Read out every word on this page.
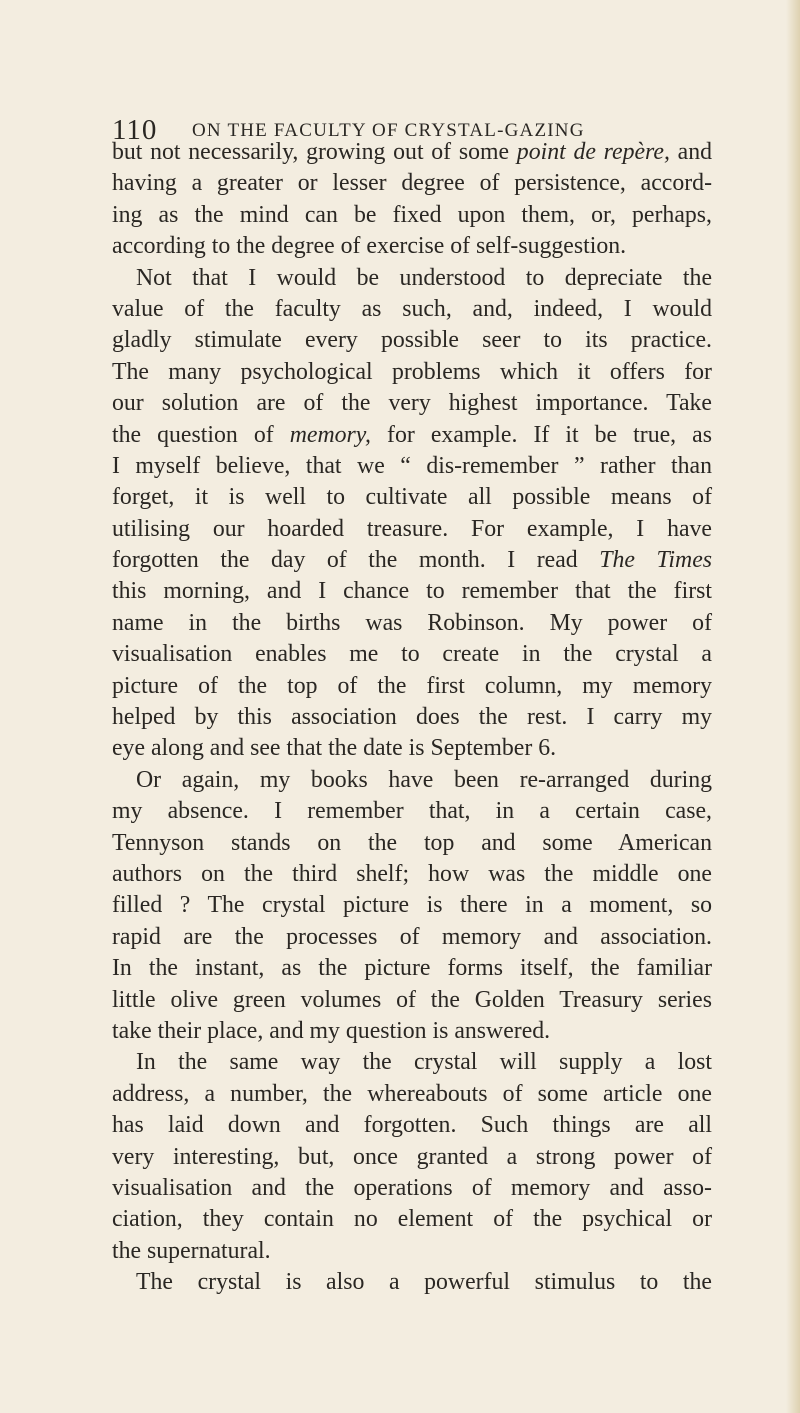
110 ON THE FACULTY OF CRYSTAL-GAZING
but not necessarily, growing out of some point de repère, and
having a greater or lesser degree of persistence, accord-
ing as the mind can be fixed upon them, or, perhaps,
according to the degree of exercise of self-suggestion.
Not that I would be understood to depreciate the
value of the faculty as such, and, indeed, I would
gladly stimulate every possible seer to its practice.
The many psychological problems which it offers for
our solution are of the very highest importance. Take
the question of memory, for example. If it be true, as
I myself believe, that we “ dis-remember ” rather than
forget, it is well to cultivate all possible means of
utilising our hoarded treasure. For example, I have
forgotten the day of the month. I read The Times
this morning, and I chance to remember that the first
name in the births was Robinson. My power of
visualisation enables me to create in the crystal a
picture of the top of the first column, my memory
helped by this association does the rest. I carry my
eye along and see that the date is September 6.
Or again, my books have been re-arranged during
my absence. I remember that, in a certain case,
Tennyson stands on the top and some American
authors on the third shelf; how was the middle one
filled ? The crystal picture is there in a moment, so
rapid are the processes of memory and association.
In the instant, as the picture forms itself, the familiar
little olive green volumes of the Golden Treasury series
take their place, and my question is answered.
In the same way the crystal will supply a lost
address, a number, the whereabouts of some article one
has laid down and forgotten. Such things are all
very interesting, but, once granted a strong power of
visualisation and the operations of memory and asso-
ciation, they contain no element of the psychical or
the supernatural.
The crystal is also a powerful stimulus to the
